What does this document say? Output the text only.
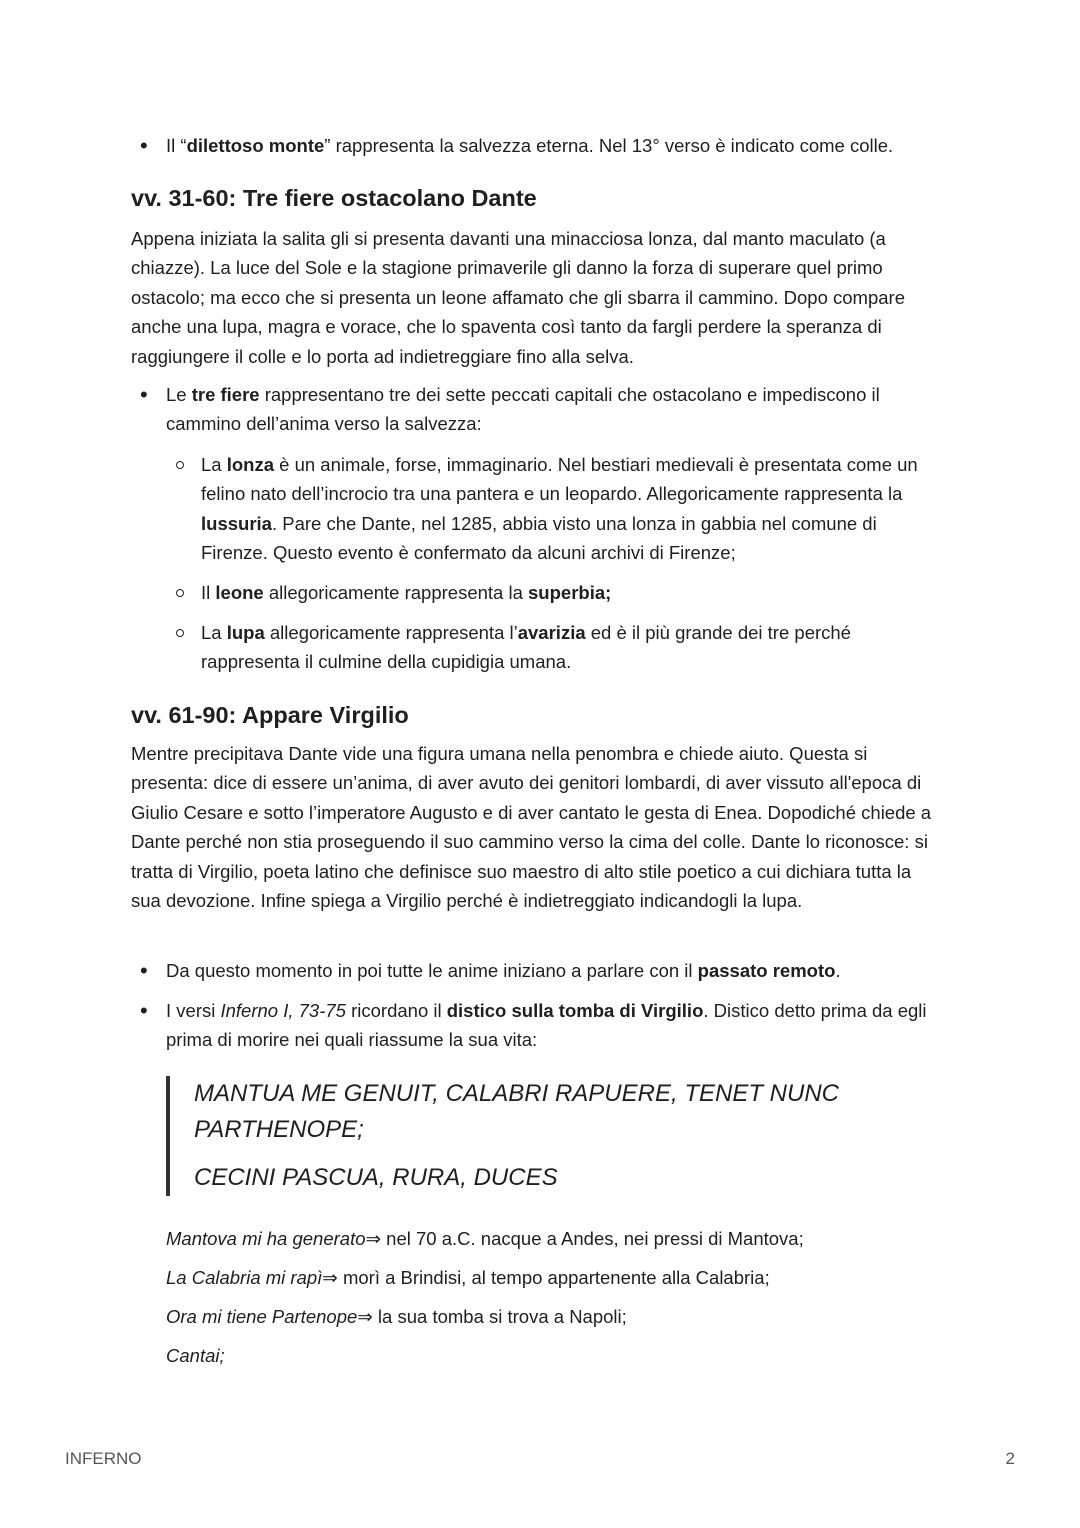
• Il “dilettoso monte” rappresenta la salvezza eterna. Nel 13° verso è indicato come colle.

vv. 31-60: Tre fiere ostacolano Dante

Appena iniziata la salita gli si presenta davanti una minacciosa lonza, dal manto maculato (a chiazze). La luce del Sole e la stagione primaverile gli danno la forza di superare quel primo ostacolo; ma ecco che si presenta un leone affamato che gli sbarra il cammino. Dopo compare anche una lupa, magra e vorace, che lo spaventa così tanto da fargli perdere la speranza di raggiungere il colle e lo porta ad indietreggiare fino alla selva.

• Le tre fiere rappresentano tre dei sette peccati capitali che ostacolano e impediscono il cammino dell’anima verso la salvezza:

La lonza è un animale, forse, immaginario. Nel bestiari medievali è presentata come un felino nato dell’incrocio tra una pantera e un leopardo. Allegoricamente rappresenta la lussuria. Pare che Dante, nel 1285, abbia visto una lonza in gabbia nel comune di Firenze. Questo evento è confermato da alcuni archivi di Firenze;

Il leone allegoricamente rappresenta la superbia;

La lupa allegoricamente rappresenta l’avarizia ed è il più grande dei tre perché rappresenta il culmine della cupidigia umana.

vv. 61-90: Appare Virgilio

Mentre precipitava Dante vide una figura umana nella penombra e chiede aiuto. Questa si presenta: dice di essere un’anima, di aver avuto dei genitori lombardi, di aver vissuto all'epoca di Giulio Cesare e sotto l’imperatore Augusto e di aver cantato le gesta di Enea. Dopodiché chiede a Dante perché non stia proseguendo il suo cammino verso la cima del colle. Dante lo riconosce: si tratta di Virgilio, poeta latino che definisce suo maestro di alto stile poetico a cui dichiara tutta la sua devozione. Infine spiega a Virgilio perché è indietreggiato indicandogli la lupa.

• Da questo momento in poi tutte le anime iniziano a parlare con il passato remoto.

• I versi Inferno I, 73-75 ricordano il distico sulla tomba di Virgilio. Distico detto prima da egli prima di morire nei quali riassume la sua vita:

MANTUA ME GENUIT, CALABRI RAPUERE, TENET NUNC PARTHENOPE;

CECINI PASCUA, RURA, DUCES

Mantova mi ha generato⇒ nel 70 a.C. nacque a Andes, nei pressi di Mantova;

La Calabria mi rapì⇒ morì a Brindisi, al tempo appartenente alla Calabria;

Ora mi tiene Partenope⇒ la sua tomba si trova a Napoli;

Cantai;

INFERNO	2
